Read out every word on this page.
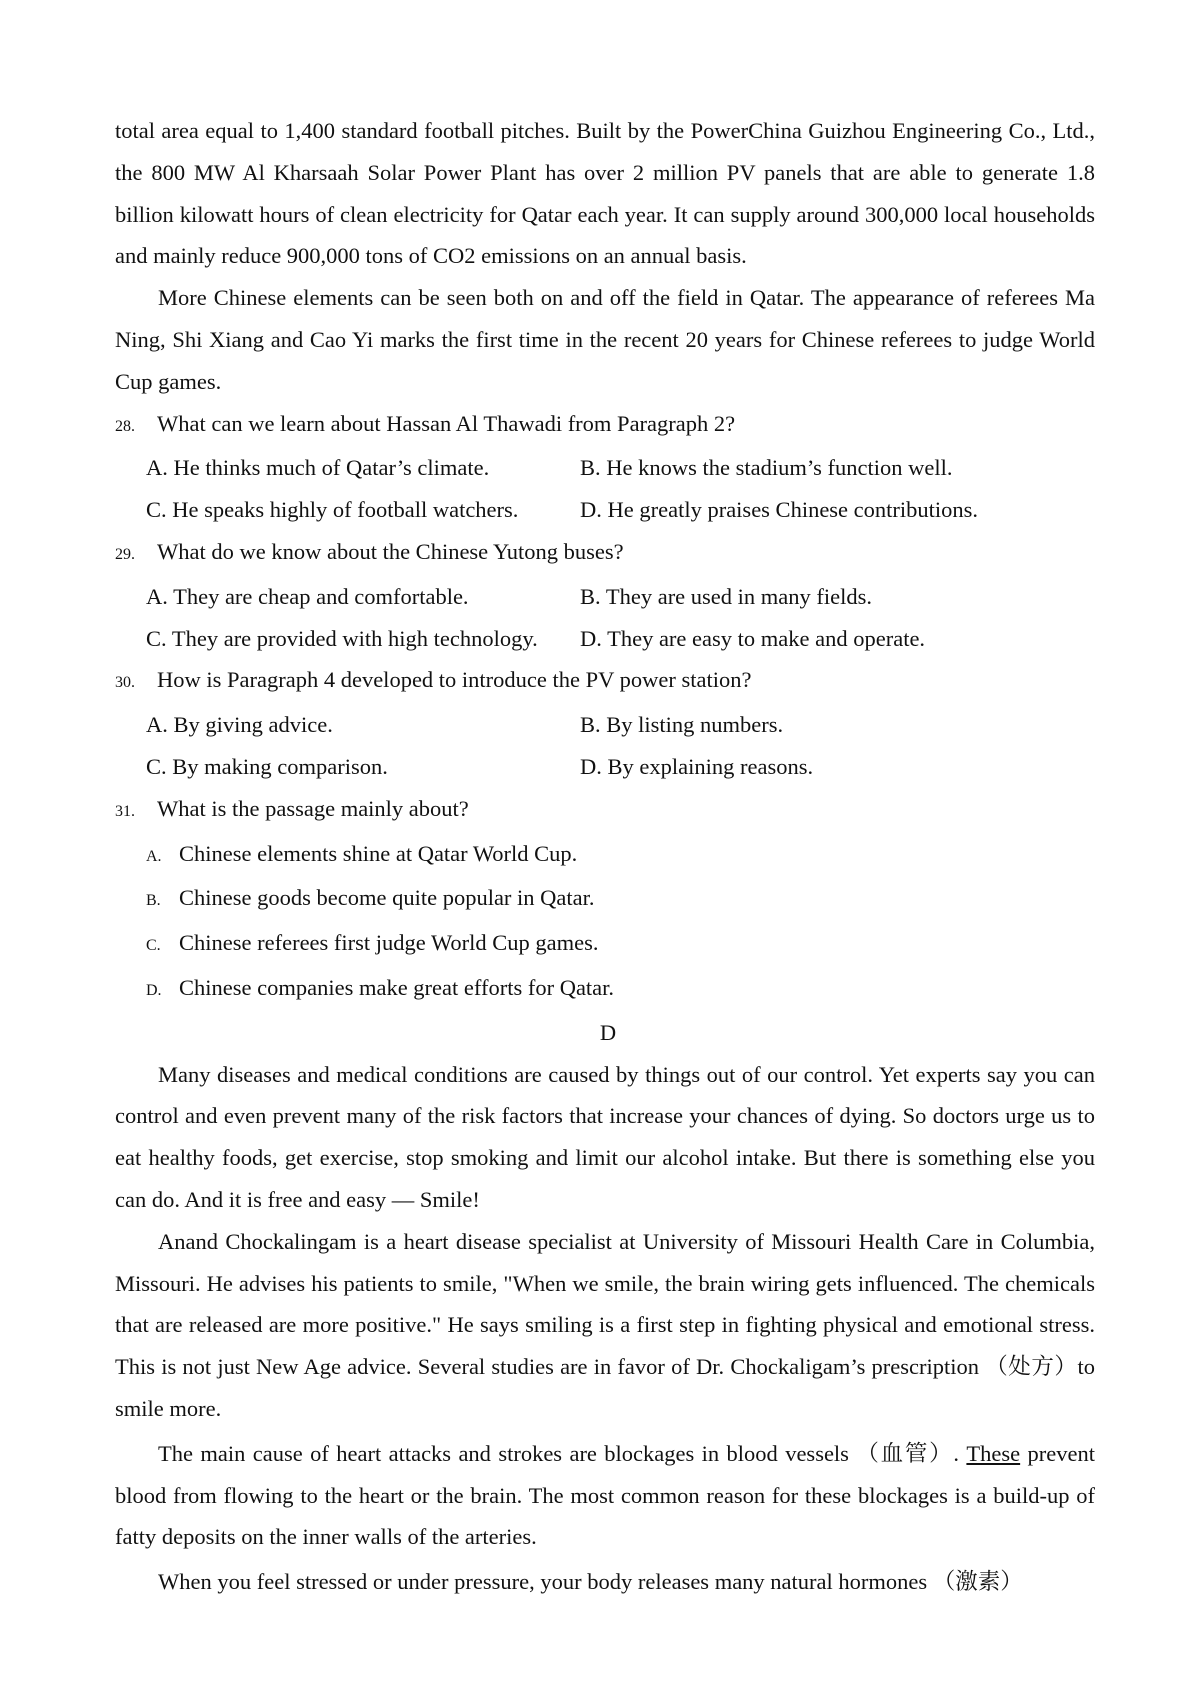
total area equal to 1,400 standard football pitches. Built by the PowerChina Guizhou Engineering Co., Ltd., the 800 MW Al Kharsaah Solar Power Plant has over 2 million PV panels that are able to generate 1.8 billion kilowatt hours of clean electricity for Qatar each year. It can supply around 300,000 local households and mainly reduce 900,000 tons of CO2 emissions on an annual basis.

More Chinese elements can be seen both on and off the field in Qatar. The appearance of referees Ma Ning, Shi Xiang and Cao Yi marks the first time in the recent 20 years for Chinese referees to judge World Cup games.

28. What can we learn about Hassan Al Thawadi from Paragraph 2?
A. He thinks much of Qatar’s climate.	B. He knows the stadium’s function well.
C. He speaks highly of football watchers.	D. He greatly praises Chinese contributions.
29. What do we know about the Chinese Yutong buses?
A. They are cheap and comfortable.	B. They are used in many fields.
C. They are provided with high technology.	D. They are easy to make and operate.
30. How is Paragraph 4 developed to introduce the PV power station?
A. By giving advice.	B. By listing numbers.
C. By making comparison.	D. By explaining reasons.
31. What is the passage mainly about?
A. Chinese elements shine at Qatar World Cup.
B. Chinese goods become quite popular in Qatar.
C. Chinese referees first judge World Cup games.
D. Chinese companies make great efforts for Qatar.

D

Many diseases and medical conditions are caused by things out of our control. Yet experts say you can control and even prevent many of the risk factors that increase your chances of dying. So doctors urge us to eat healthy foods, get exercise, stop smoking and limit our alcohol intake. But there is something else you can do. And it is free and easy — Smile!

Anand Chockalingam is a heart disease specialist at University of Missouri Health Care in Columbia, Missouri. He advises his patients to smile, "When we smile, the brain wiring gets influenced. The chemicals that are released are more positive." He says smiling is a first step in fighting physical and emotional stress. This is not just New Age advice. Several studies are in favor of Dr. Chockaligam’s prescription （处方）to smile more.

The main cause of heart attacks and strokes are blockages in blood vessels （血管）. These prevent blood from flowing to the heart or the brain. The most common reason for these blockages is a build-up of fatty deposits on the inner walls of the arteries.

When you feel stressed or under pressure, your body releases many natural hormones （激素）
